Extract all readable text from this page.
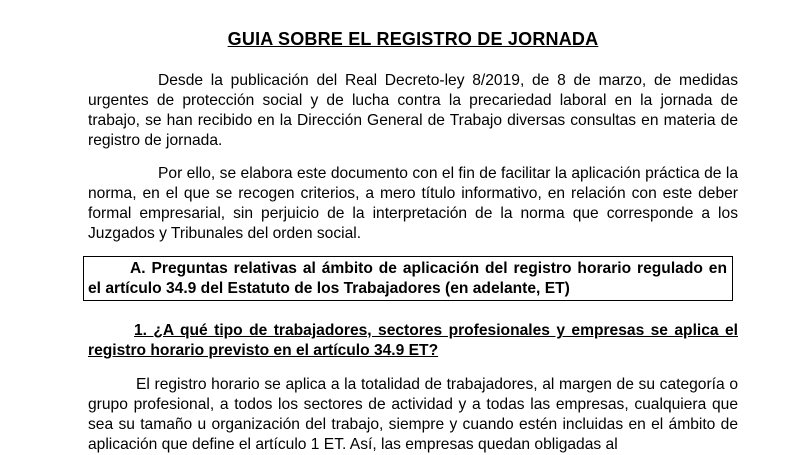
GUIA SOBRE EL REGISTRO DE JORNADA

Desde la publicación del Real Decreto-ley 8/2019, de 8 de marzo, de medidas urgentes de protección social y de lucha contra la precariedad laboral en la jornada de trabajo, se han recibido en la Dirección General de Trabajo diversas consultas en materia de registro de jornada.

Por ello, se elabora este documento con el fin de facilitar la aplicación práctica de la norma, en el que se recogen criterios, a mero título informativo, en relación con este deber formal empresarial, sin perjuicio de la interpretación de la norma que corresponde a los Juzgados y Tribunales del orden social.

A. Preguntas relativas al ámbito de aplicación del registro horario regulado en el artículo 34.9 del Estatuto de los Trabajadores (en adelante, ET)

1. ¿A qué tipo de trabajadores, sectores profesionales y empresas se aplica el registro horario previsto en el artículo 34.9 ET?

El registro horario se aplica a la totalidad de trabajadores, al margen de su categoría o grupo profesional, a todos los sectores de actividad y a todas las empresas, cualquiera que sea su tamaño u organización del trabajo, siempre y cuando estén incluidas en el ámbito de aplicación que define el artículo 1 ET. Así, las empresas quedan obligadas al
